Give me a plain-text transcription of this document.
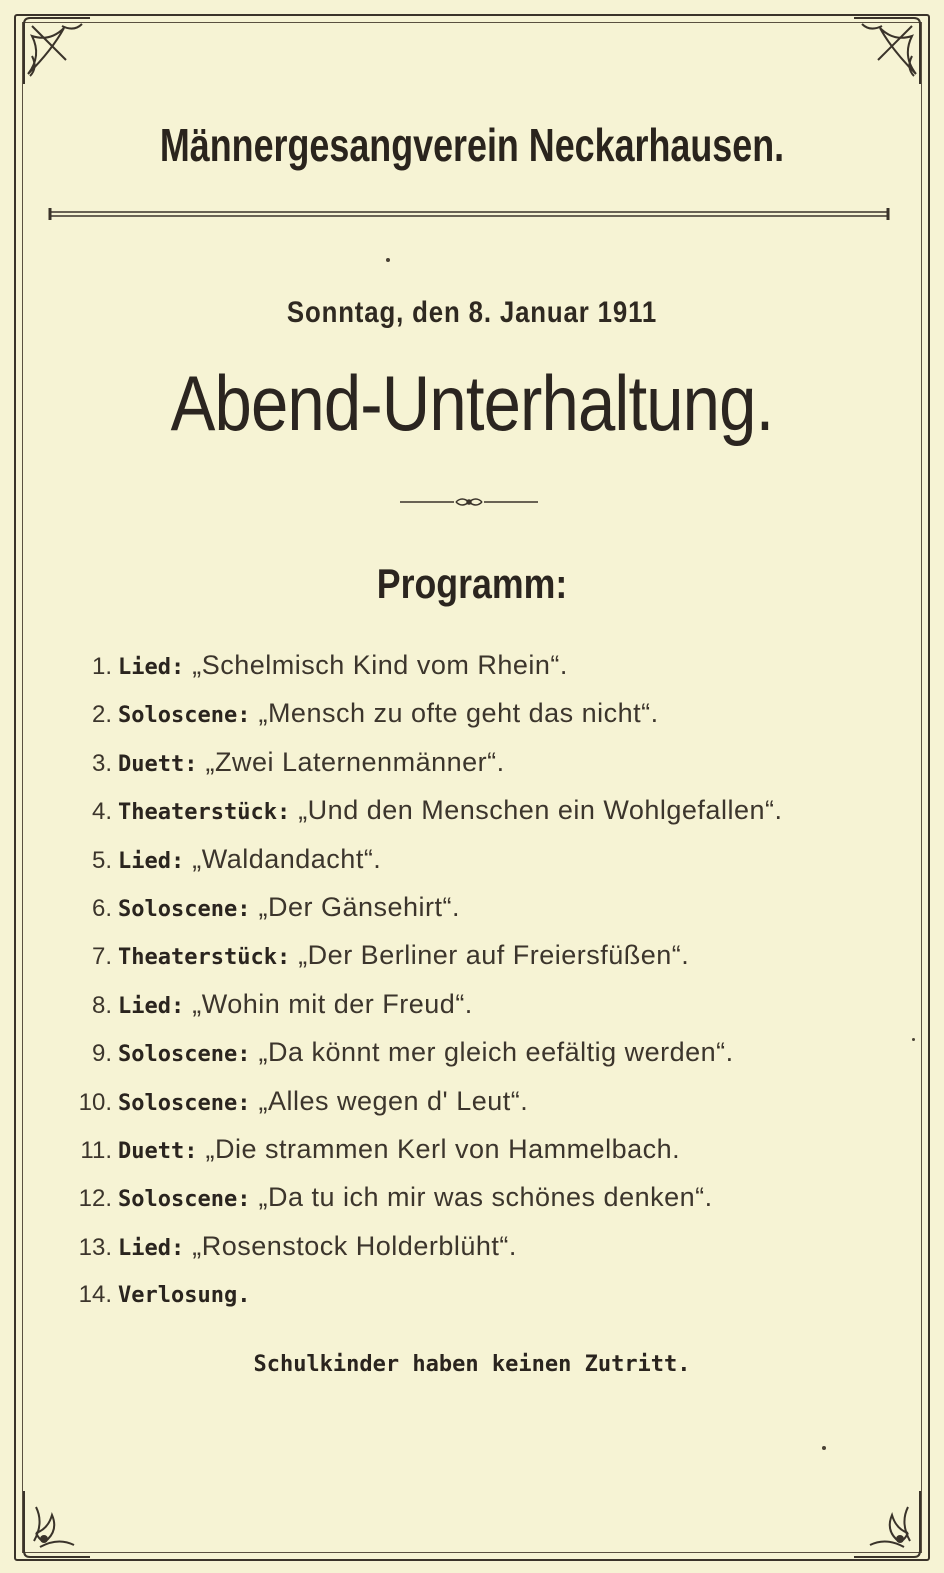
Männergesangverein Neckarhausen.
Sonntag, den 8. Januar 1911
Abend-Unterhaltung.
Programm:
1. Lied: „Schelmisch Kind vom Rhein“.
2. Soloscene: „Mensch zu ofte geht das nicht“.
3. Duett: „Zwei Laternenmänner“.
4. Theaterstück: „Und den Menschen ein Wohlgefallen“.
5. Lied: „Waldandacht“.
6. Soloscene: „Der Gänsehirt“.
7. Theaterstück: „Der Berliner auf Freiersfüßen“.
8. Lied: „Wohin mit der Freud“.
9. Soloscene: „Da könnt mer gleich eefältig werden“.
10. Soloscene: „Alles wegen d' Leut“.
11. Duett: „Die strammen Kerl von Hammelbach.
12. Soloscene: „Da tu ich mir was schönes denken“.
13. Lied: „Rosenstock Holderblüht“.
14. Verlosung.
Schulkinder haben keinen Zutritt.
